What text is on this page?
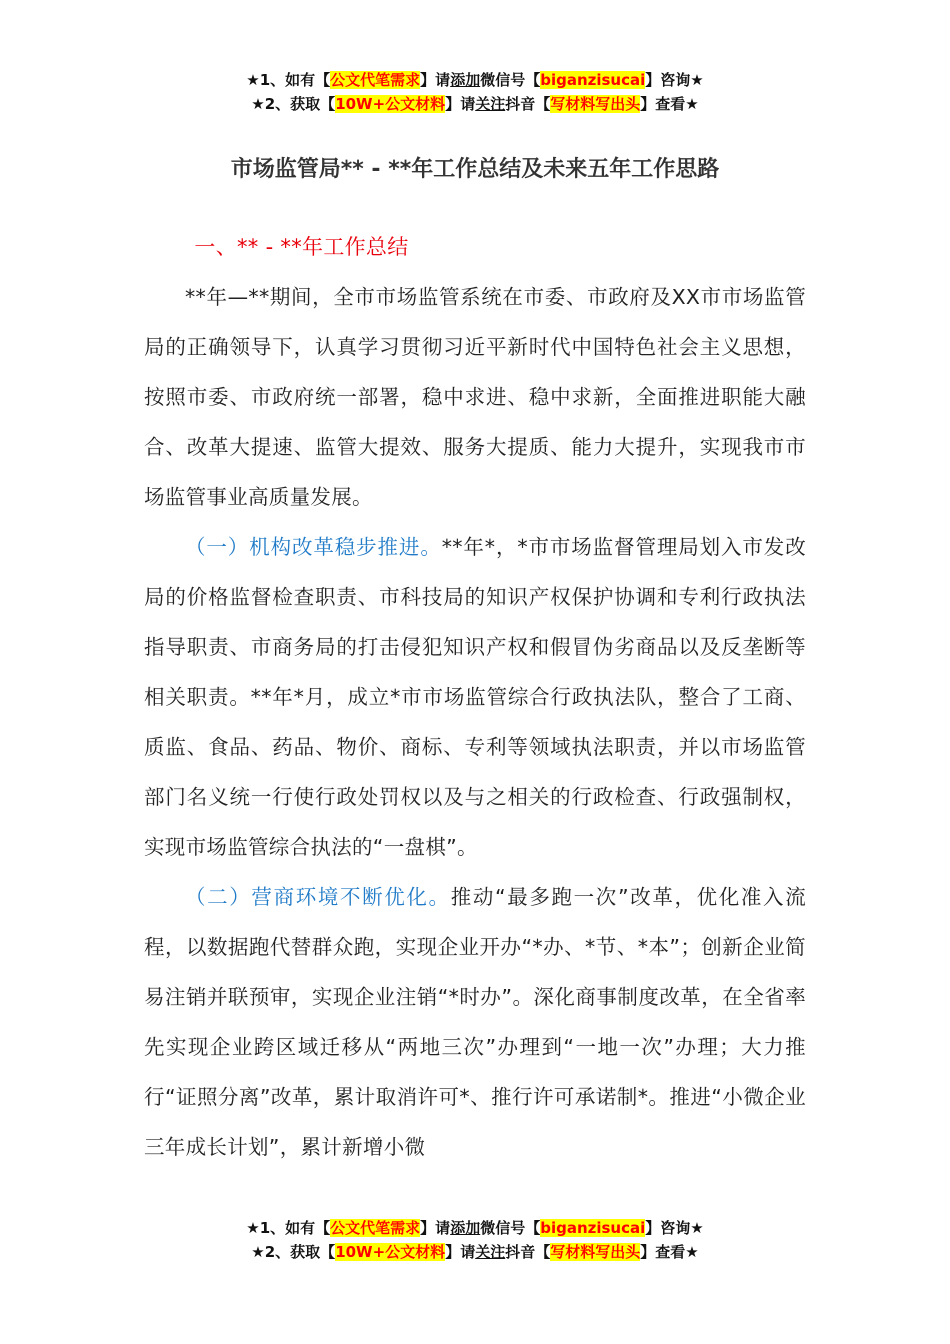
★1、如有【公文代笔需求】请添加微信号【biganzisucai】咨询★
★2、获取【10W+公文材料】请关注抖音【写材料写出头】查看★
市场监管局** - **年工作总结及未来五年工作思路

一、** - **年工作总结

**年—**期间，全市市场监管系统在市委、市政府及XX市市场监管局的正确领导下，认真学习贯彻习近平新时代中国特色社会主义思想，按照市委、市政府统一部署，稳中求进、稳中求新，全面推进职能大融合、改革大提速、监管大提效、服务大提质、能力大提升，实现我市市场监管事业高质量发展。

（一）机构改革稳步推进。**年*，*市市场监督管理局划入市发改局的价格监督检查职责、市科技局的知识产权保护协调和专利行政执法指导职责、市商务局的打击侵犯知识产权和假冒伪劣商品以及反垄断等相关职责。**年*月，成立*市市场监管综合行政执法队，整合了工商、质监、食品、药品、物价、商标、专利等领域执法职责，并以市场监管部门名义统一行使行政处罚权以及与之相关的行政检查、行政强制权，实现市场监管综合执法的“一盘棋”。

（二）营商环境不断优化。推动“最多跑一次”改革，优化准入流程，以数据跑代替群众跑，实现企业开办“*办、*节、*本”；创新企业简易注销并联预审，实现企业注销“*时办”。深化商事制度改革，在全省率先实现企业跨区域迁移从“两地三次”办理到“一地一次”办理；大力推行“证照分离”改革，累计取消许可*、推行许可承诺制*。推进“小微企业三年成长计划”，累计新增小微

★1、如有【公文代笔需求】请添加微信号【biganzisucai】咨询★
★2、获取【10W+公文材料】请关注抖音【写材料写出头】查看★
